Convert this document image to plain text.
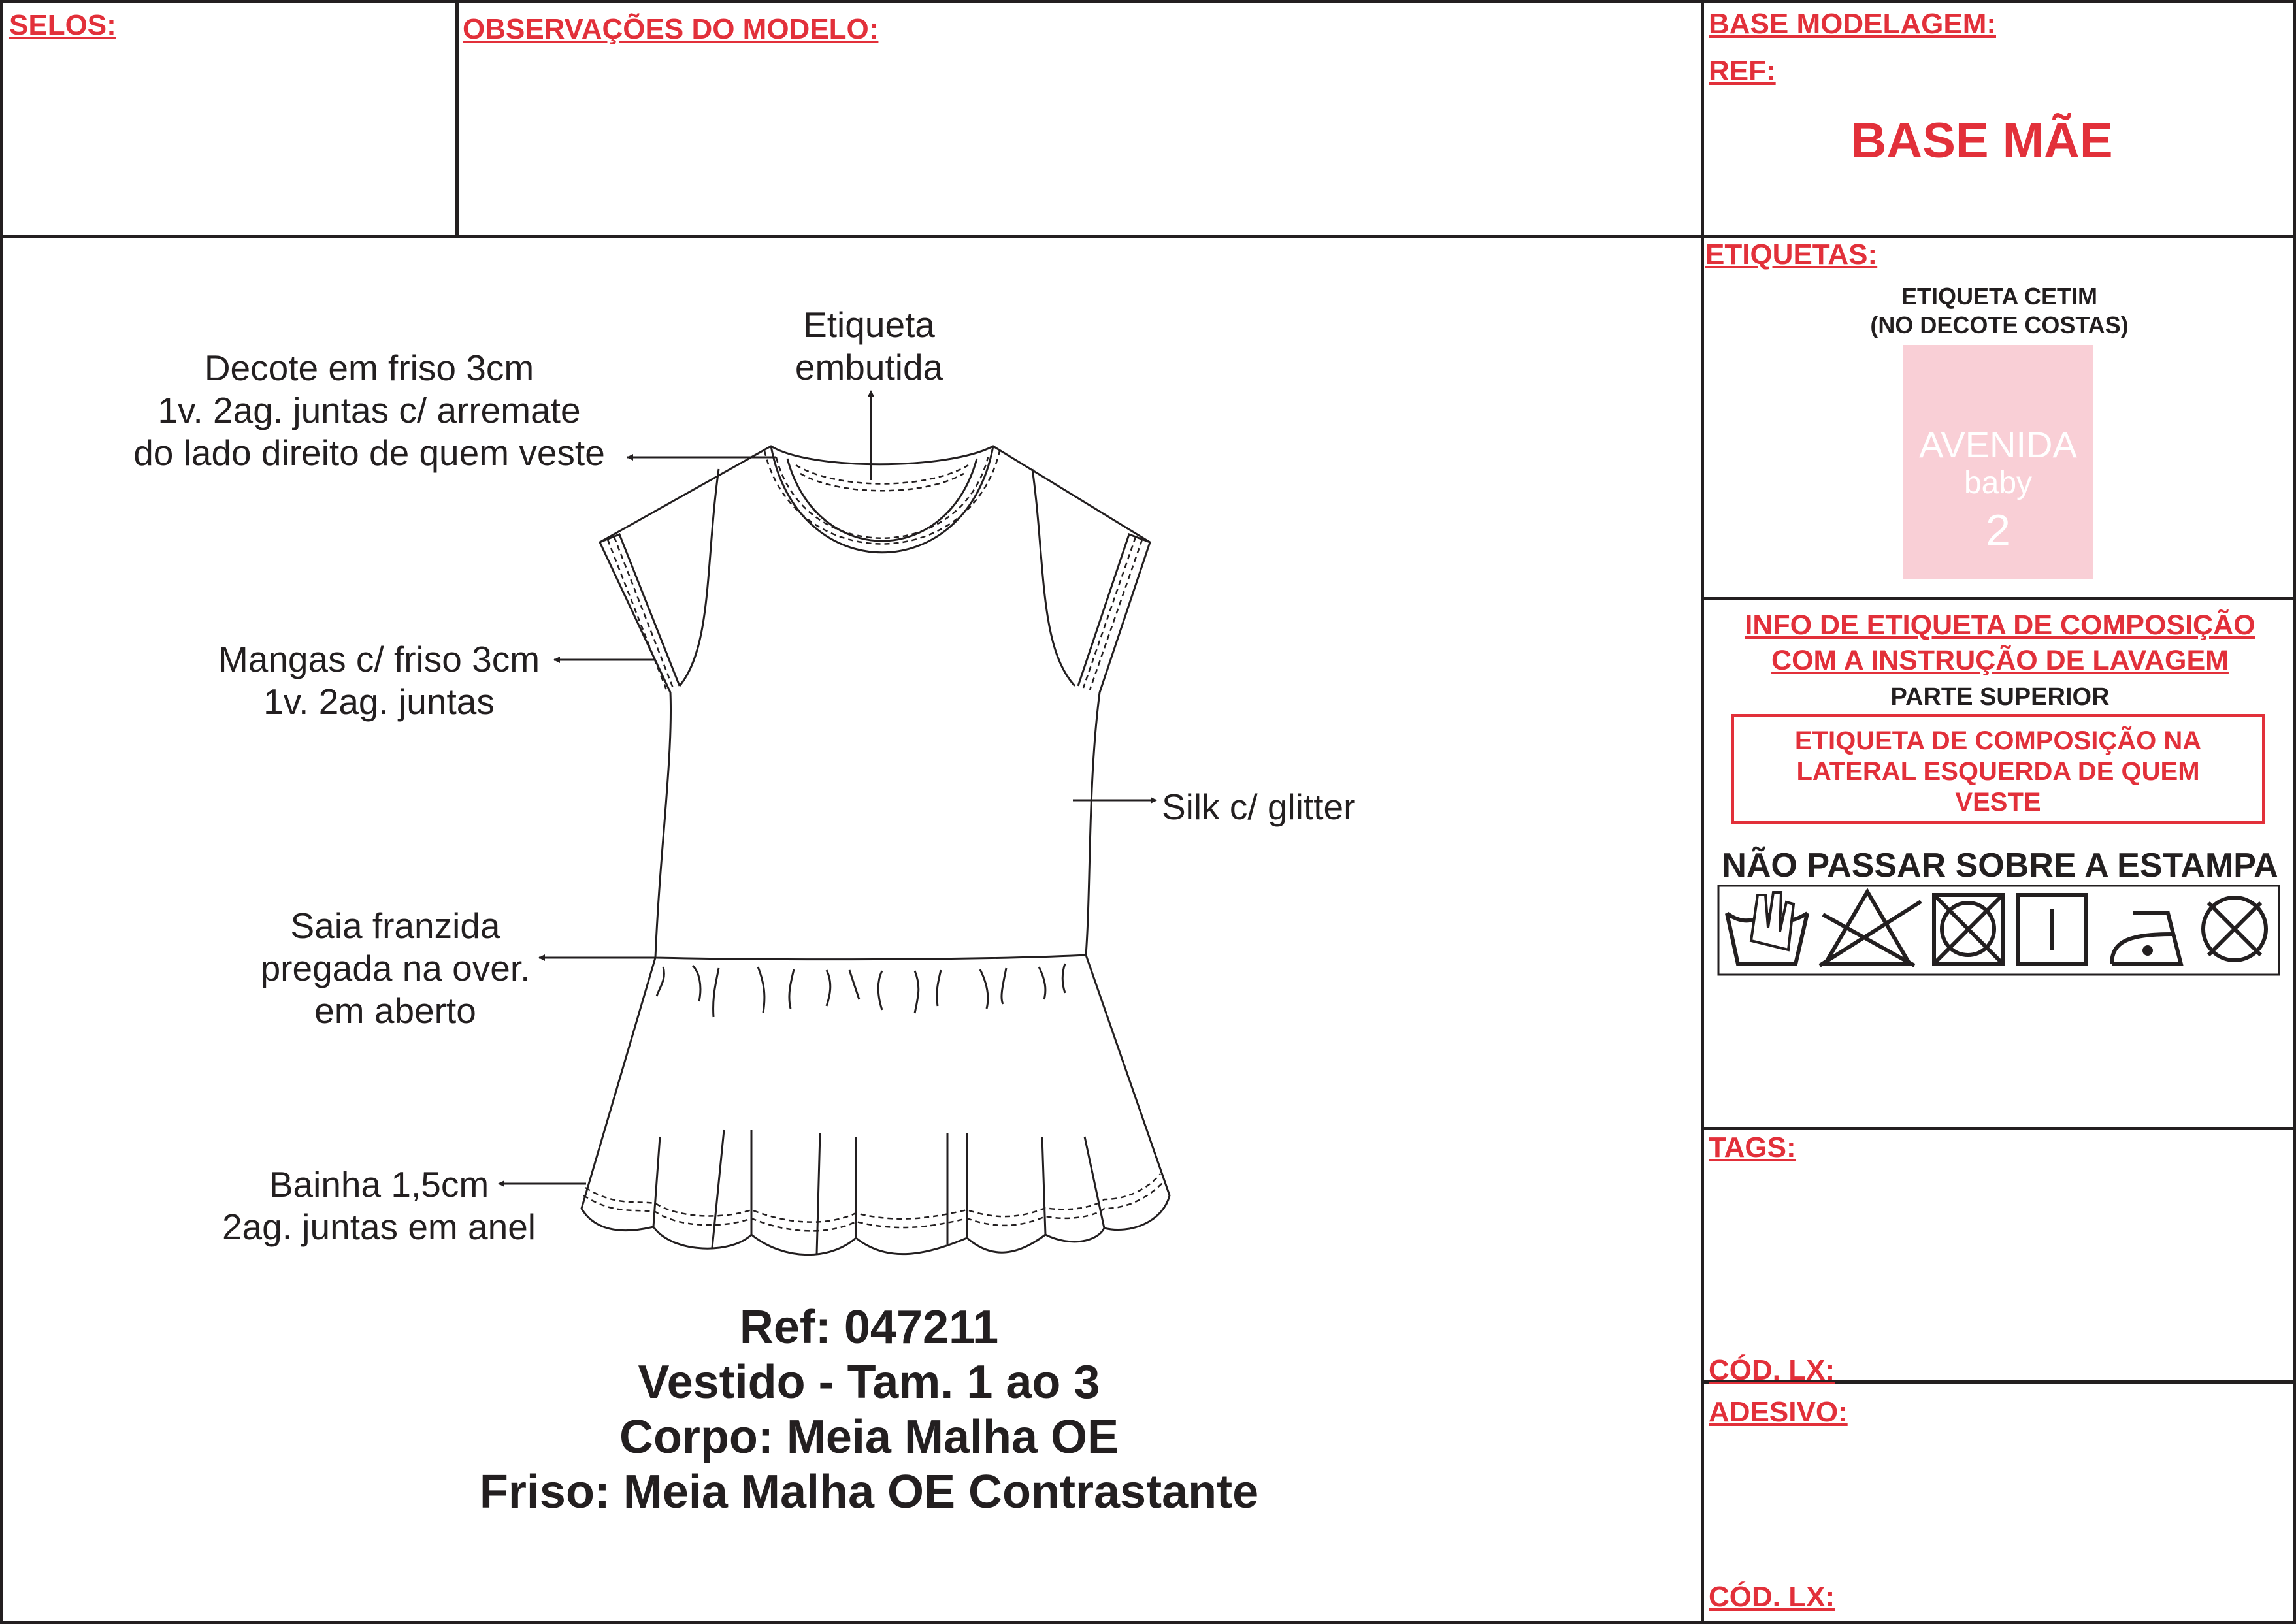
SELOS:	OBSERVAÇÕES DO MODELO:	BASE MODELAGEM:
REF:
BASE MÃE
Etiqueta
embutida
Decote em friso 3cm
1v. 2ag. juntas c/ arremate
do lado direito de quem veste
Mangas c/ friso 3cm
1v. 2ag. juntas
Silk c/ glitter
Saia franzida
pregada na over.
em aberto
Bainha 1,5cm
2ag. juntas em anel
Ref: 047211
Vestido - Tam. 1 ao 3
Corpo: Meia Malha OE
Friso: Meia Malha OE Contrastante
ETIQUETAS:
ETIQUETA CETIM
(NO DECOTE COSTAS)
AVENIDA
baby
2
INFO DE ETIQUETA DE COMPOSIÇÃO
COM A INSTRUÇÃO DE LAVAGEM
PARTE SUPERIOR
ETIQUETA DE COMPOSIÇÃO NA
LATERAL ESQUERDA DE QUEM
VESTE
NÃO PASSAR SOBRE A ESTAMPA
TAGS:
CÓD. LX:
ADESIVO:
CÓD. LX:
